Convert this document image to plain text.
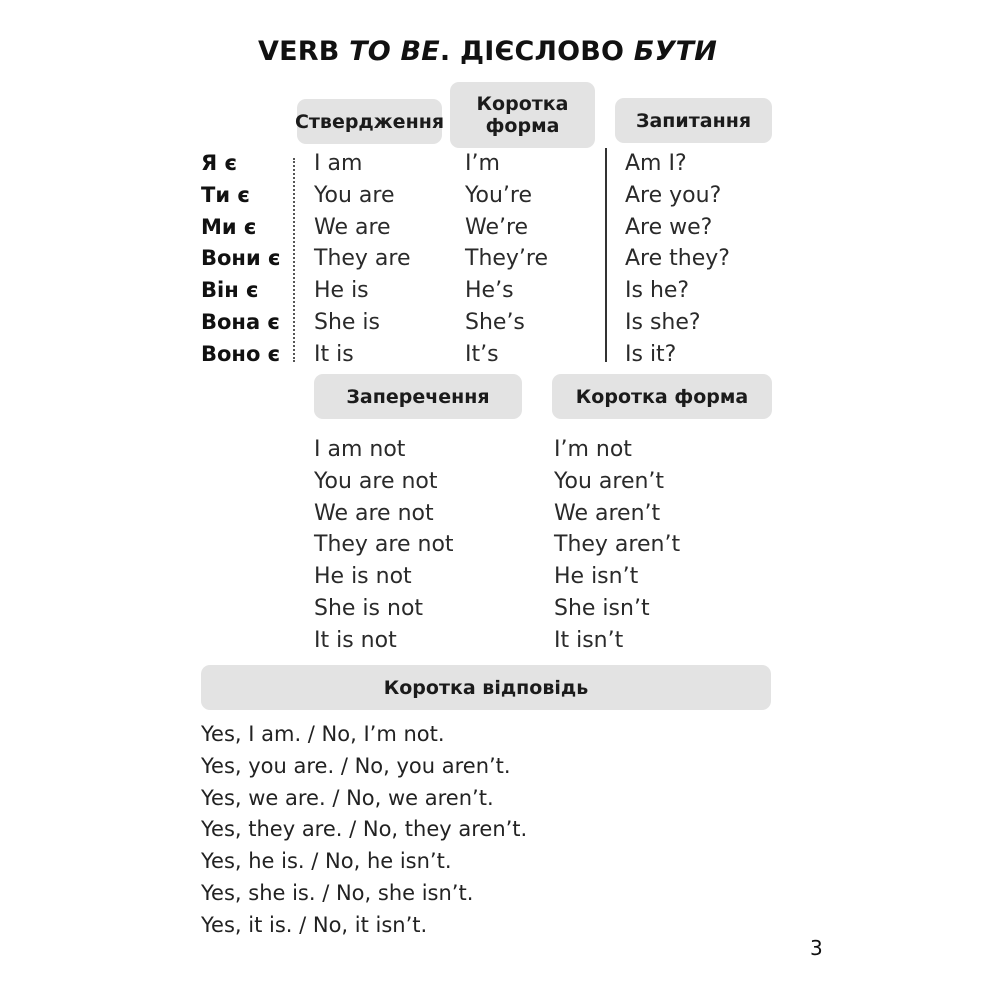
VERB TO BE. ДІЄСЛОВО БУТИ
Ствердження
Коротка
форма	Запитання
Я є
Ти є
Ми є
Вони є
Він є
Вона є
Воно є
I am
You are
We are
They are
He is
She is
It is
I’m
You’re
We’re
They’re
He’s
She’s
It’s
Am I?
Are you?
Are we?
Are they?
Is he?
Is she?
Is it?
Заперечення	Коротка форма
I am not
You are not
We are not
They are not
He is not
She is not
It is not
I’m not
You aren’t
We aren’t
They aren’t
He isn’t
She isn’t
It isn’t
Коротка відповідь
Yes, I am. / No, I’m not.
Yes, you are. / No, you aren’t.
Yes, we are. / No, we aren’t.
Yes, they are. / No, they aren’t.
Yes, he is. / No, he isn’t.
Yes, she is. / No, she isn’t.
Yes, it is. / No, it isn’t.
3
